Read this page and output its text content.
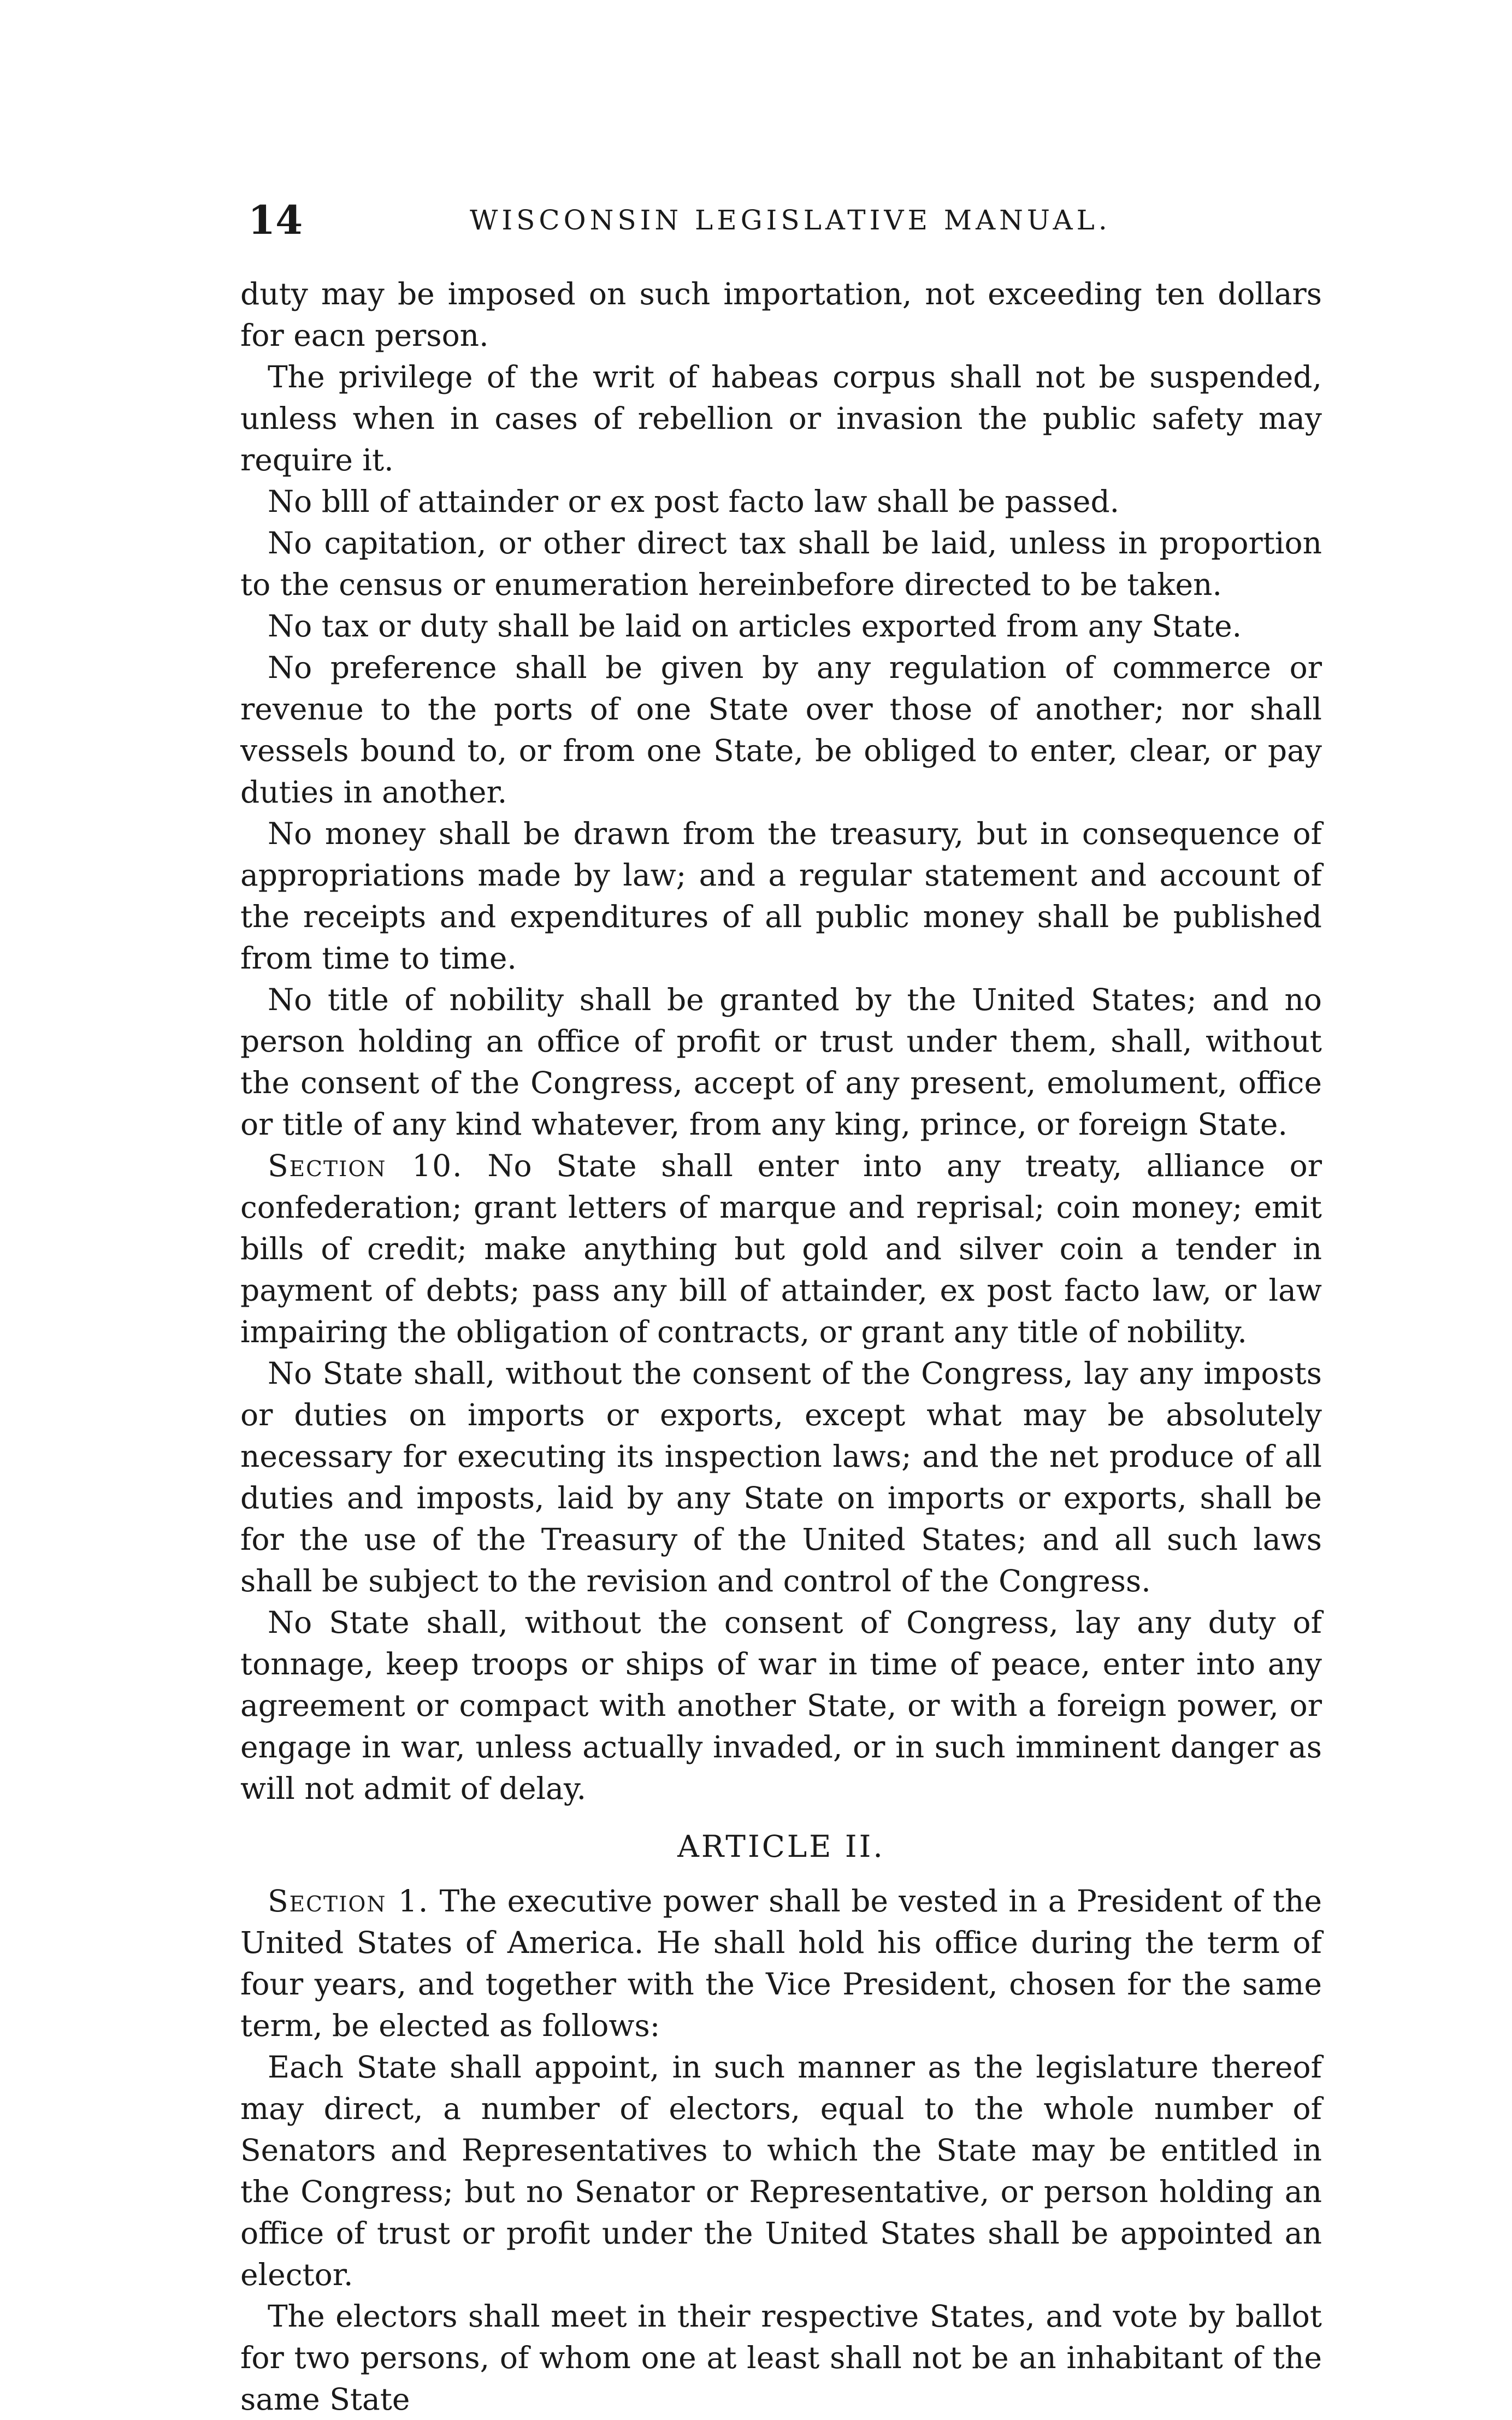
14	WISCONSIN LEGISLATIVE MANUAL.

duty may be imposed on such importation, not exceeding ten dollars for eacn person.

The privilege of the writ of habeas corpus shall not be suspended, unless when in cases of rebellion or invasion the public safety may require it.

No blll of attainder or ex post facto law shall be passed.

No capitation, or other direct tax shall be laid, unless in proportion to the census or enumeration hereinbefore directed to be taken.

No tax or duty shall be laid on articles exported from any State.

No preference shall be given by any regulation of commerce or revenue to the ports of one State over those of another; nor shall vessels bound to, or from one State, be obliged to enter, clear, or pay duties in another.

No money shall be drawn from the treasury, but in consequence of appropriations made by law; and a regular statement and account of the receipts and expenditures of all public money shall be published from time to time.

No title of nobility shall be granted by the United States; and no person holding an office of profit or trust under them, shall, without the consent of the Congress, accept of any present, emolument, office or title of any kind whatever, from any king, prince, or foreign State.

Section 10. No State shall enter into any treaty, alliance or confederation; grant letters of marque and reprisal; coin money; emit bills of credit; make anything but gold and silver coin a tender in payment of debts; pass any bill of attainder, ex post facto law, or law impairing the obligation of contracts, or grant any title of nobility.

No State shall, without the consent of the Congress, lay any imposts or duties on imports or exports, except what may be absolutely necessary for executing its inspection laws; and the net produce of all duties and imposts, laid by any State on imports or exports, shall be for the use of the Treasury of the United States; and all such laws shall be subject to the revision and control of the Congress.

No State shall, without the consent of Congress, lay any duty of tonnage, keep troops or ships of war in time of peace, enter into any agreement or compact with another State, or with a foreign power, or engage in war, unless actually invaded, or in such imminent danger as will not admit of delay.

ARTICLE II.

Section 1. The executive power shall be vested in a President of the United States of America. He shall hold his office during the term of four years, and together with the Vice President, chosen for the same term, be elected as follows:

Each State shall appoint, in such manner as the legislature thereof may direct, a number of electors, equal to the whole number of Senators and Representatives to which the State may be entitled in the Congress; but no Senator or Representative, or person holding an office of trust or profit under the United States shall be appointed an elector.

The electors shall meet in their respective States, and vote by ballot for two persons, of whom one at least shall not be an inhabitant of the same State
